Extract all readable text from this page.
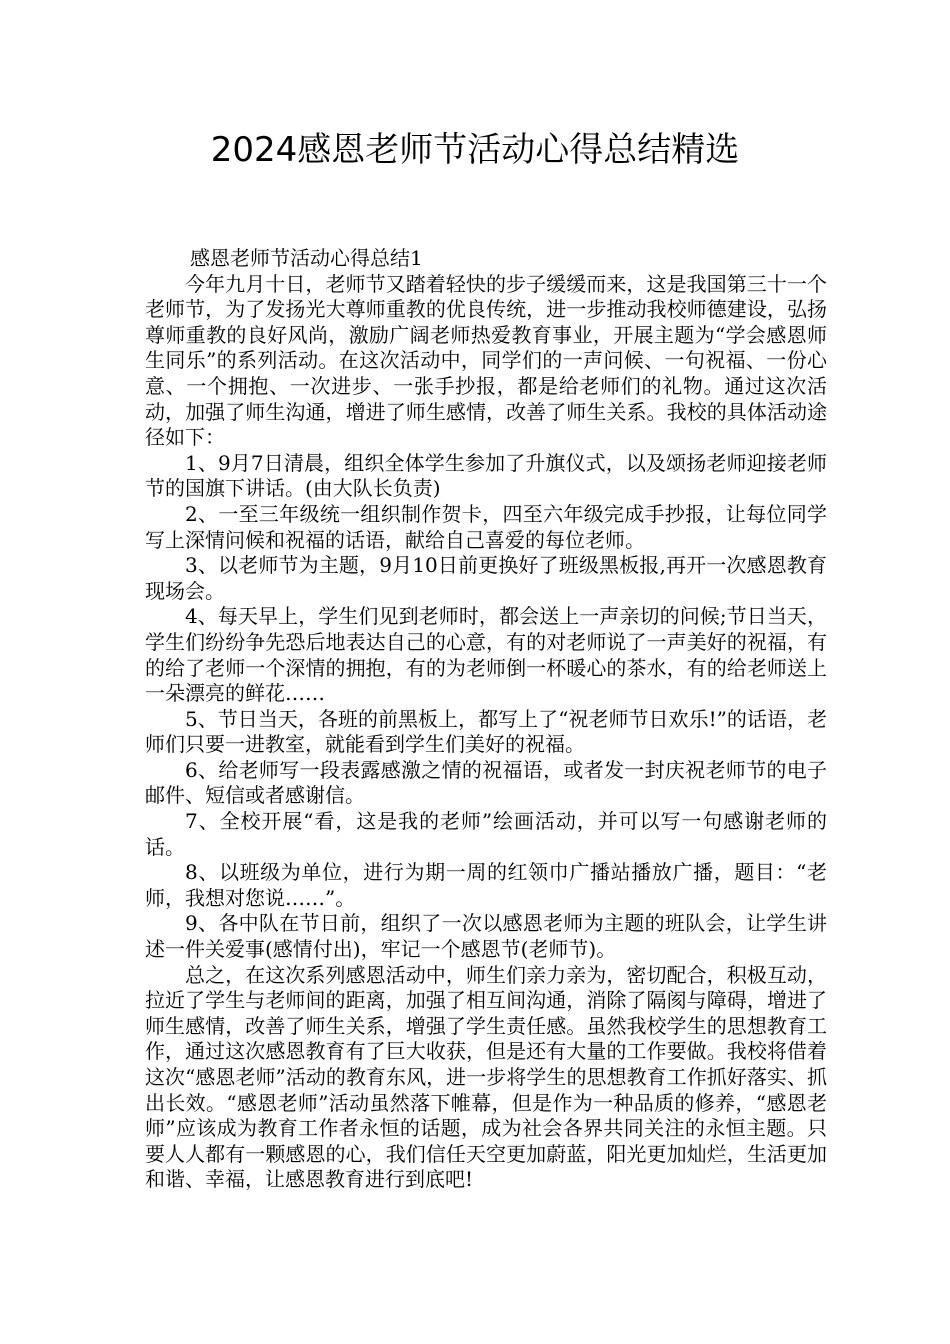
2024感恩老师节活动心得总结精选

感恩老师节活动心得总结1

今年九月十日，老师节又踏着轻快的步子缓缓而来，这是我国第三十一个老师节，为了发扬光大尊师重教的优良传统，进一步推动我校师德建设，弘扬尊师重教的良好风尚，激励广阔老师热爱教育事业，开展主题为“学会感恩师生同乐”的系列活动。在这次活动中，同学们的一声问候、一句祝福、一份心意、一个拥抱、一次进步、一张手抄报，都是给老师们的礼物。通过这次活动，加强了师生沟通，增进了师生感情，改善了师生关系。我校的具体活动途径如下：

1、9月7日清晨，组织全体学生参加了升旗仪式，以及颂扬老师迎接老师节的国旗下讲话。(由大队长负责)

2、一至三年级统一组织制作贺卡，四至六年级完成手抄报，让每位同学写上深情问候和祝福的话语，献给自己喜爱的每位老师。

3、以老师节为主题，9月10日前更换好了班级黑板报,再开一次感恩教育现场会。

4、每天早上，学生们见到老师时，都会送上一声亲切的问候;节日当天，学生们纷纷争先恐后地表达自己的心意，有的对老师说了一声美好的祝福，有的给了老师一个深情的拥抱，有的为老师倒一杯暖心的茶水，有的给老师送上一朵漂亮的鲜花……

5、节日当天，各班的前黑板上，都写上了“祝老师节日欢乐!”的话语，老师们只要一进教室，就能看到学生们美好的祝福。

6、给老师写一段表露感激之情的祝福语，或者发一封庆祝老师节的电子邮件、短信或者感谢信。

7、全校开展“看，这是我的老师”绘画活动，并可以写一句感谢老师的话。

8、以班级为单位，进行为期一周的红领巾广播站播放广播，题目：“老师，我想对您说……”。

9、各中队在节日前，组织了一次以感恩老师为主题的班队会，让学生讲述一件关爱事(感情付出)，牢记一个感恩节(老师节)。

总之，在这次系列感恩活动中，师生们亲力亲为，密切配合，积极互动，拉近了学生与老师间的距离，加强了相互间沟通，消除了隔阂与障碍，增进了师生感情，改善了师生关系，增强了学生责任感。虽然我校学生的思想教育工作，通过这次感恩教育有了巨大收获，但是还有大量的工作要做。我校将借着这次“感恩老师”活动的教育东风，进一步将学生的思想教育工作抓好落实、抓出长效。“感恩老师”活动虽然落下帷幕，但是作为一种品质的修养，“感恩老师”应该成为教育工作者永恒的话题，成为社会各界共同关注的永恒主题。只要人人都有一颗感恩的心，我们信任天空更加蔚蓝，阳光更加灿烂，生活更加和谐、幸福，让感恩教育进行到底吧!
